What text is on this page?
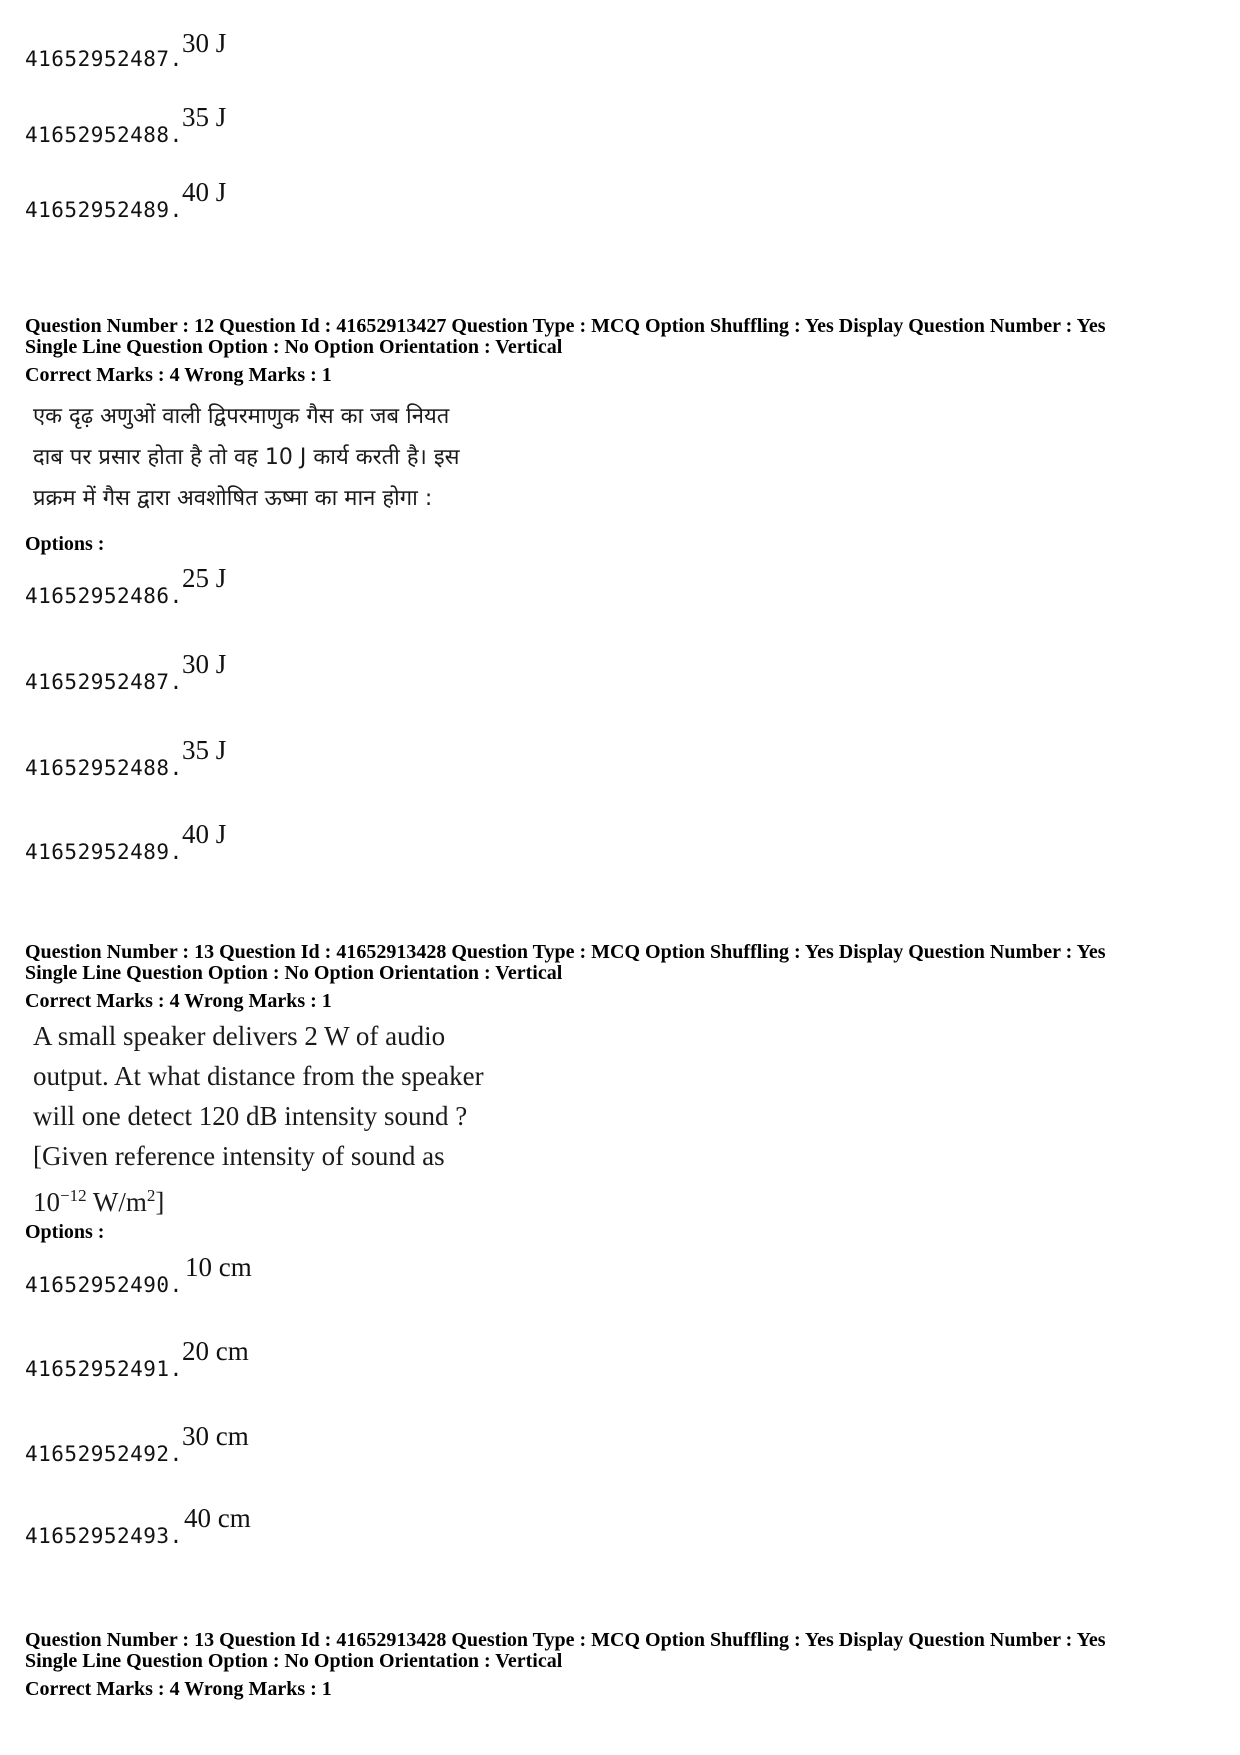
41652952487.
30 J
41652952488.
35 J
41652952489.
40 J
Question Number : 12 Question Id : 41652913427 Question Type : MCQ Option Shuffling : Yes Display Question Number : Yes
Single Line Question Option : No Option Orientation : Vertical
Correct Marks : 4 Wrong Marks : 1
एक दृढ़ अणुओं वाली द्विपरमाणुक गैस का जब नियत
दाब पर प्रसार होता है तो वह 10 J कार्य करती है। इस
प्रक्रम में गैस द्वारा अवशोषित ऊष्मा का मान होगा :
Options :
41652952486.
25 J
41652952487.
30 J
41652952488.
35 J
41652952489.
40 J
Question Number : 13 Question Id : 41652913428 Question Type : MCQ Option Shuffling : Yes Display Question Number : Yes
Single Line Question Option : No Option Orientation : Vertical
Correct Marks : 4 Wrong Marks : 1
A small speaker delivers 2 W of audio
output. At what distance from the speaker
will one detect 120 dB intensity sound ?
[Given reference intensity of sound as
$10^{-12}$ $W/m^2$]
Options :
41652952490.
10 cm
41652952491.
20 cm
41652952492.
30 cm
41652952493.
40 cm
Question Number : 13 Question Id : 41652913428 Question Type : MCQ Option Shuffling : Yes Display Question Number : Yes
Single Line Question Option : No Option Orientation : Vertical
Correct Marks : 4 Wrong Marks : 1
